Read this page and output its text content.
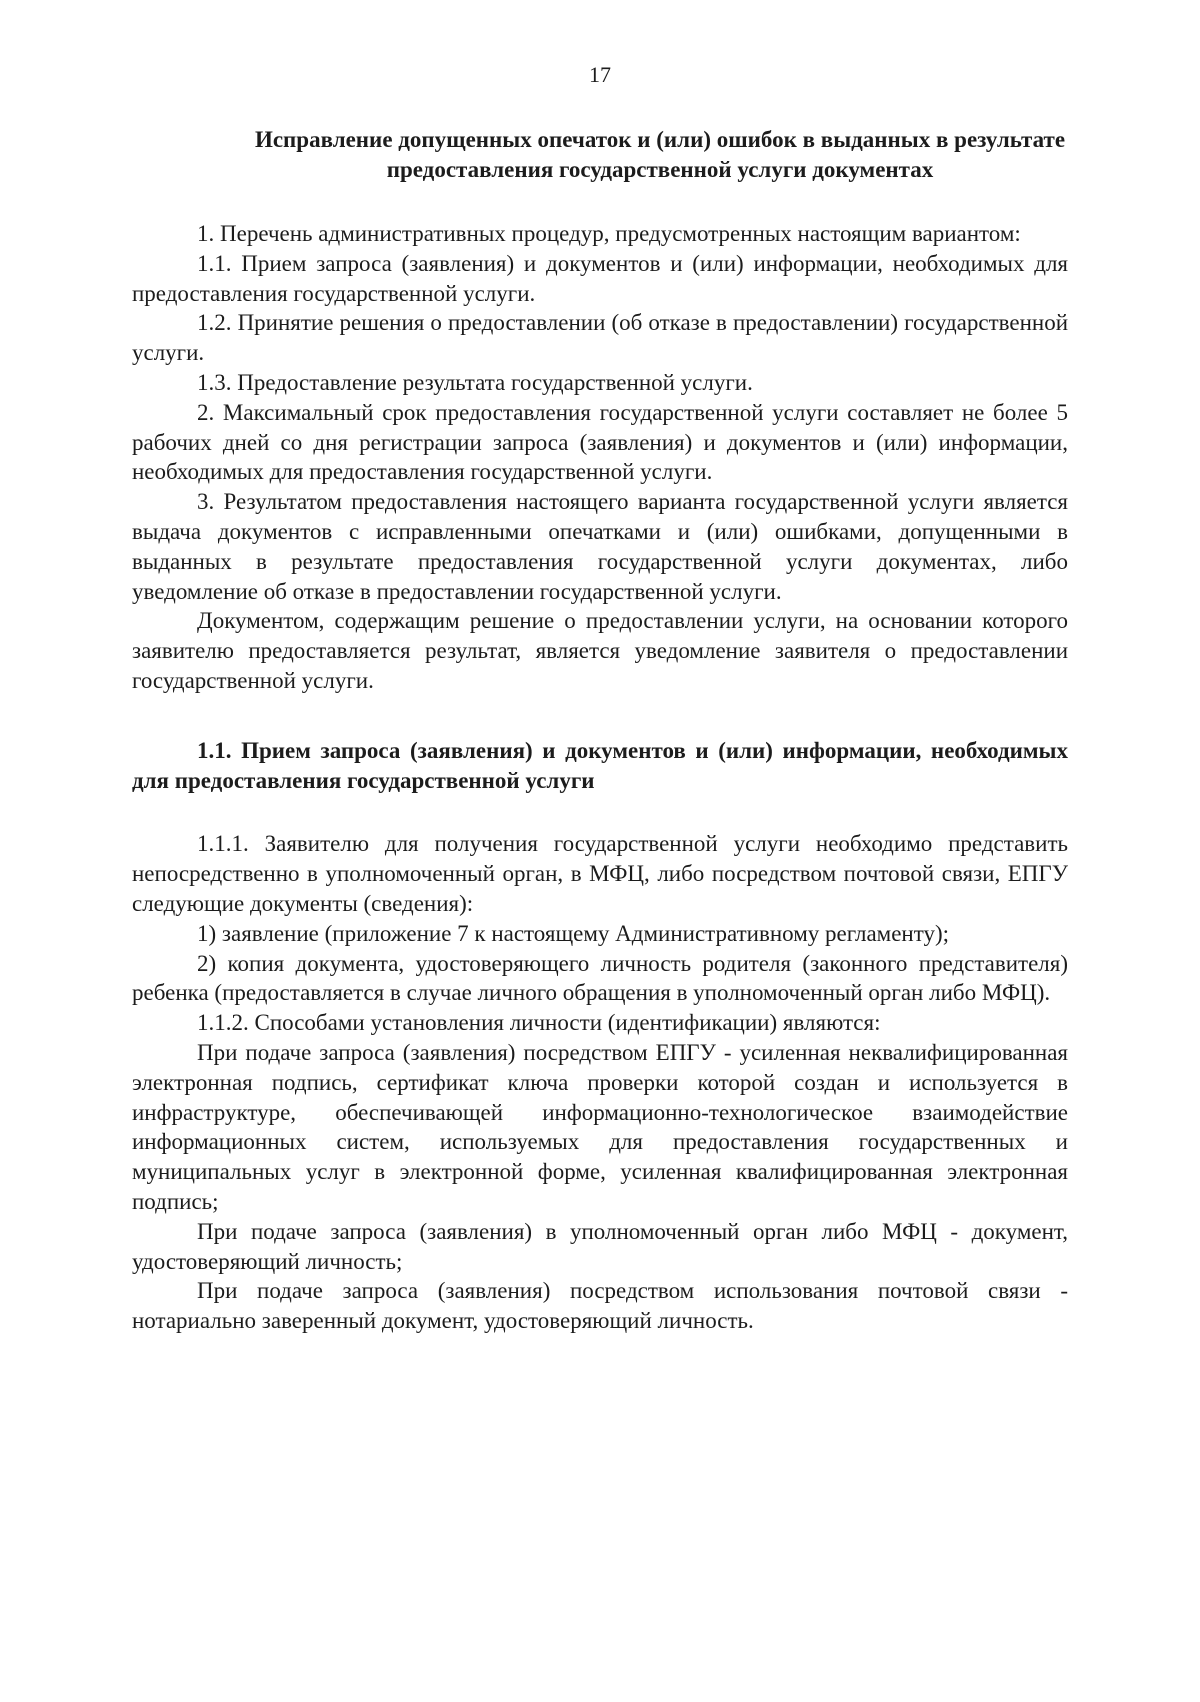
17
Исправление допущенных опечаток и (или) ошибок в выданных в результате предоставления государственной услуги документах

1. Перечень административных процедур, предусмотренных настоящим вариантом:

1.1. Прием запроса (заявления) и документов и (или) информации, необходимых для предоставления государственной услуги.

1.2. Принятие решения о предоставлении (об отказе в предоставлении) государственной услуги.

1.3. Предоставление результата государственной услуги.

2. Максимальный срок предоставления государственной услуги составляет не более 5 рабочих дней со дня регистрации запроса (заявления) и документов и (или) информации, необходимых для предоставления государственной услуги.

3. Результатом предоставления настоящего варианта государственной услуги является выдача документов с исправленными опечатками и (или) ошибками, допущенными в выданных в результате предоставления государственной услуги документах, либо уведомление об отказе в предоставлении государственной услуги.

Документом, содержащим решение о предоставлении услуги, на основании которого заявителю предоставляется результат, является уведомление заявителя о предоставлении государственной услуги.

1.1. Прием запроса (заявления) и документов и (или) информации, необходимых для предоставления государственной услуги

1.1.1. Заявителю для получения государственной услуги необходимо представить непосредственно в уполномоченный орган, в МФЦ, либо посредством почтовой связи, ЕПГУ следующие документы (сведения):

1) заявление (приложение 7 к настоящему Административному регламенту);

2) копия документа, удостоверяющего личность родителя (законного представителя) ребенка (предоставляется в случае личного обращения в уполномоченный орган либо МФЦ).

1.1.2. Способами установления личности (идентификации) являются:

При подаче запроса (заявления) посредством ЕПГУ - усиленная неквалифицированная электронная подпись, сертификат ключа проверки которой создан и используется в инфраструктуре, обеспечивающей информационно-технологическое взаимодействие информационных систем, используемых для предоставления государственных и муниципальных услуг в электронной форме, усиленная квалифицированная электронная подпись;

При подаче запроса (заявления) в уполномоченный орган либо МФЦ - документ, удостоверяющий личность;

При подаче запроса (заявления) посредством использования почтовой связи - нотариально заверенный документ, удостоверяющий личность.
